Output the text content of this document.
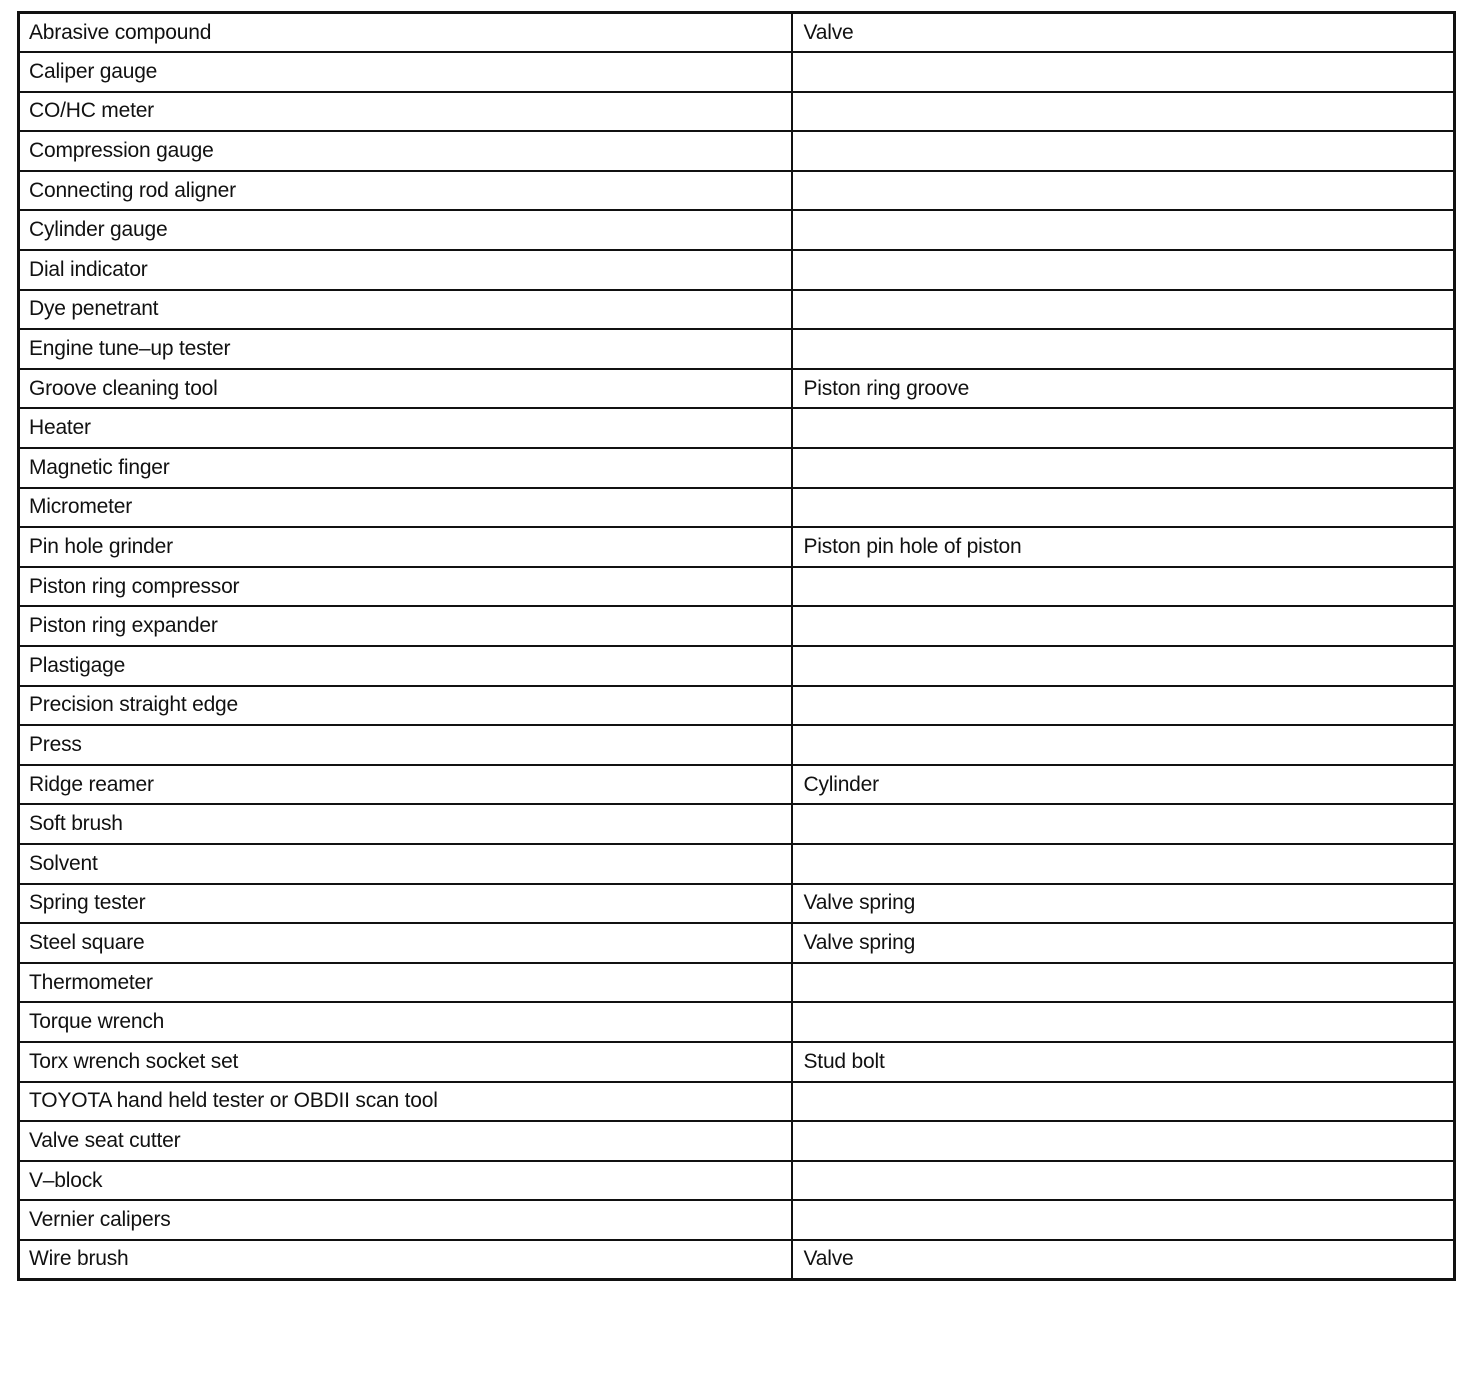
Abrasive compound	Valve
Caliper gauge	
CO/HC meter	
Compression gauge	
Connecting rod aligner	
Cylinder gauge	
Dial indicator	
Dye penetrant	
Engine tune–up tester	
Groove cleaning tool	Piston ring groove
Heater	
Magnetic finger	
Micrometer	
Pin hole grinder	Piston pin hole of piston
Piston ring compressor	
Piston ring expander	
Plastigage	
Precision straight edge	
Press	
Ridge reamer	Cylinder
Soft brush	
Solvent	
Spring tester	Valve spring
Steel square	Valve spring
Thermometer	
Torque wrench	
Torx wrench socket set	Stud bolt
TOYOTA hand held tester or OBDII scan tool	
Valve seat cutter	
V–block	
Vernier calipers	
Wire brush	Valve
